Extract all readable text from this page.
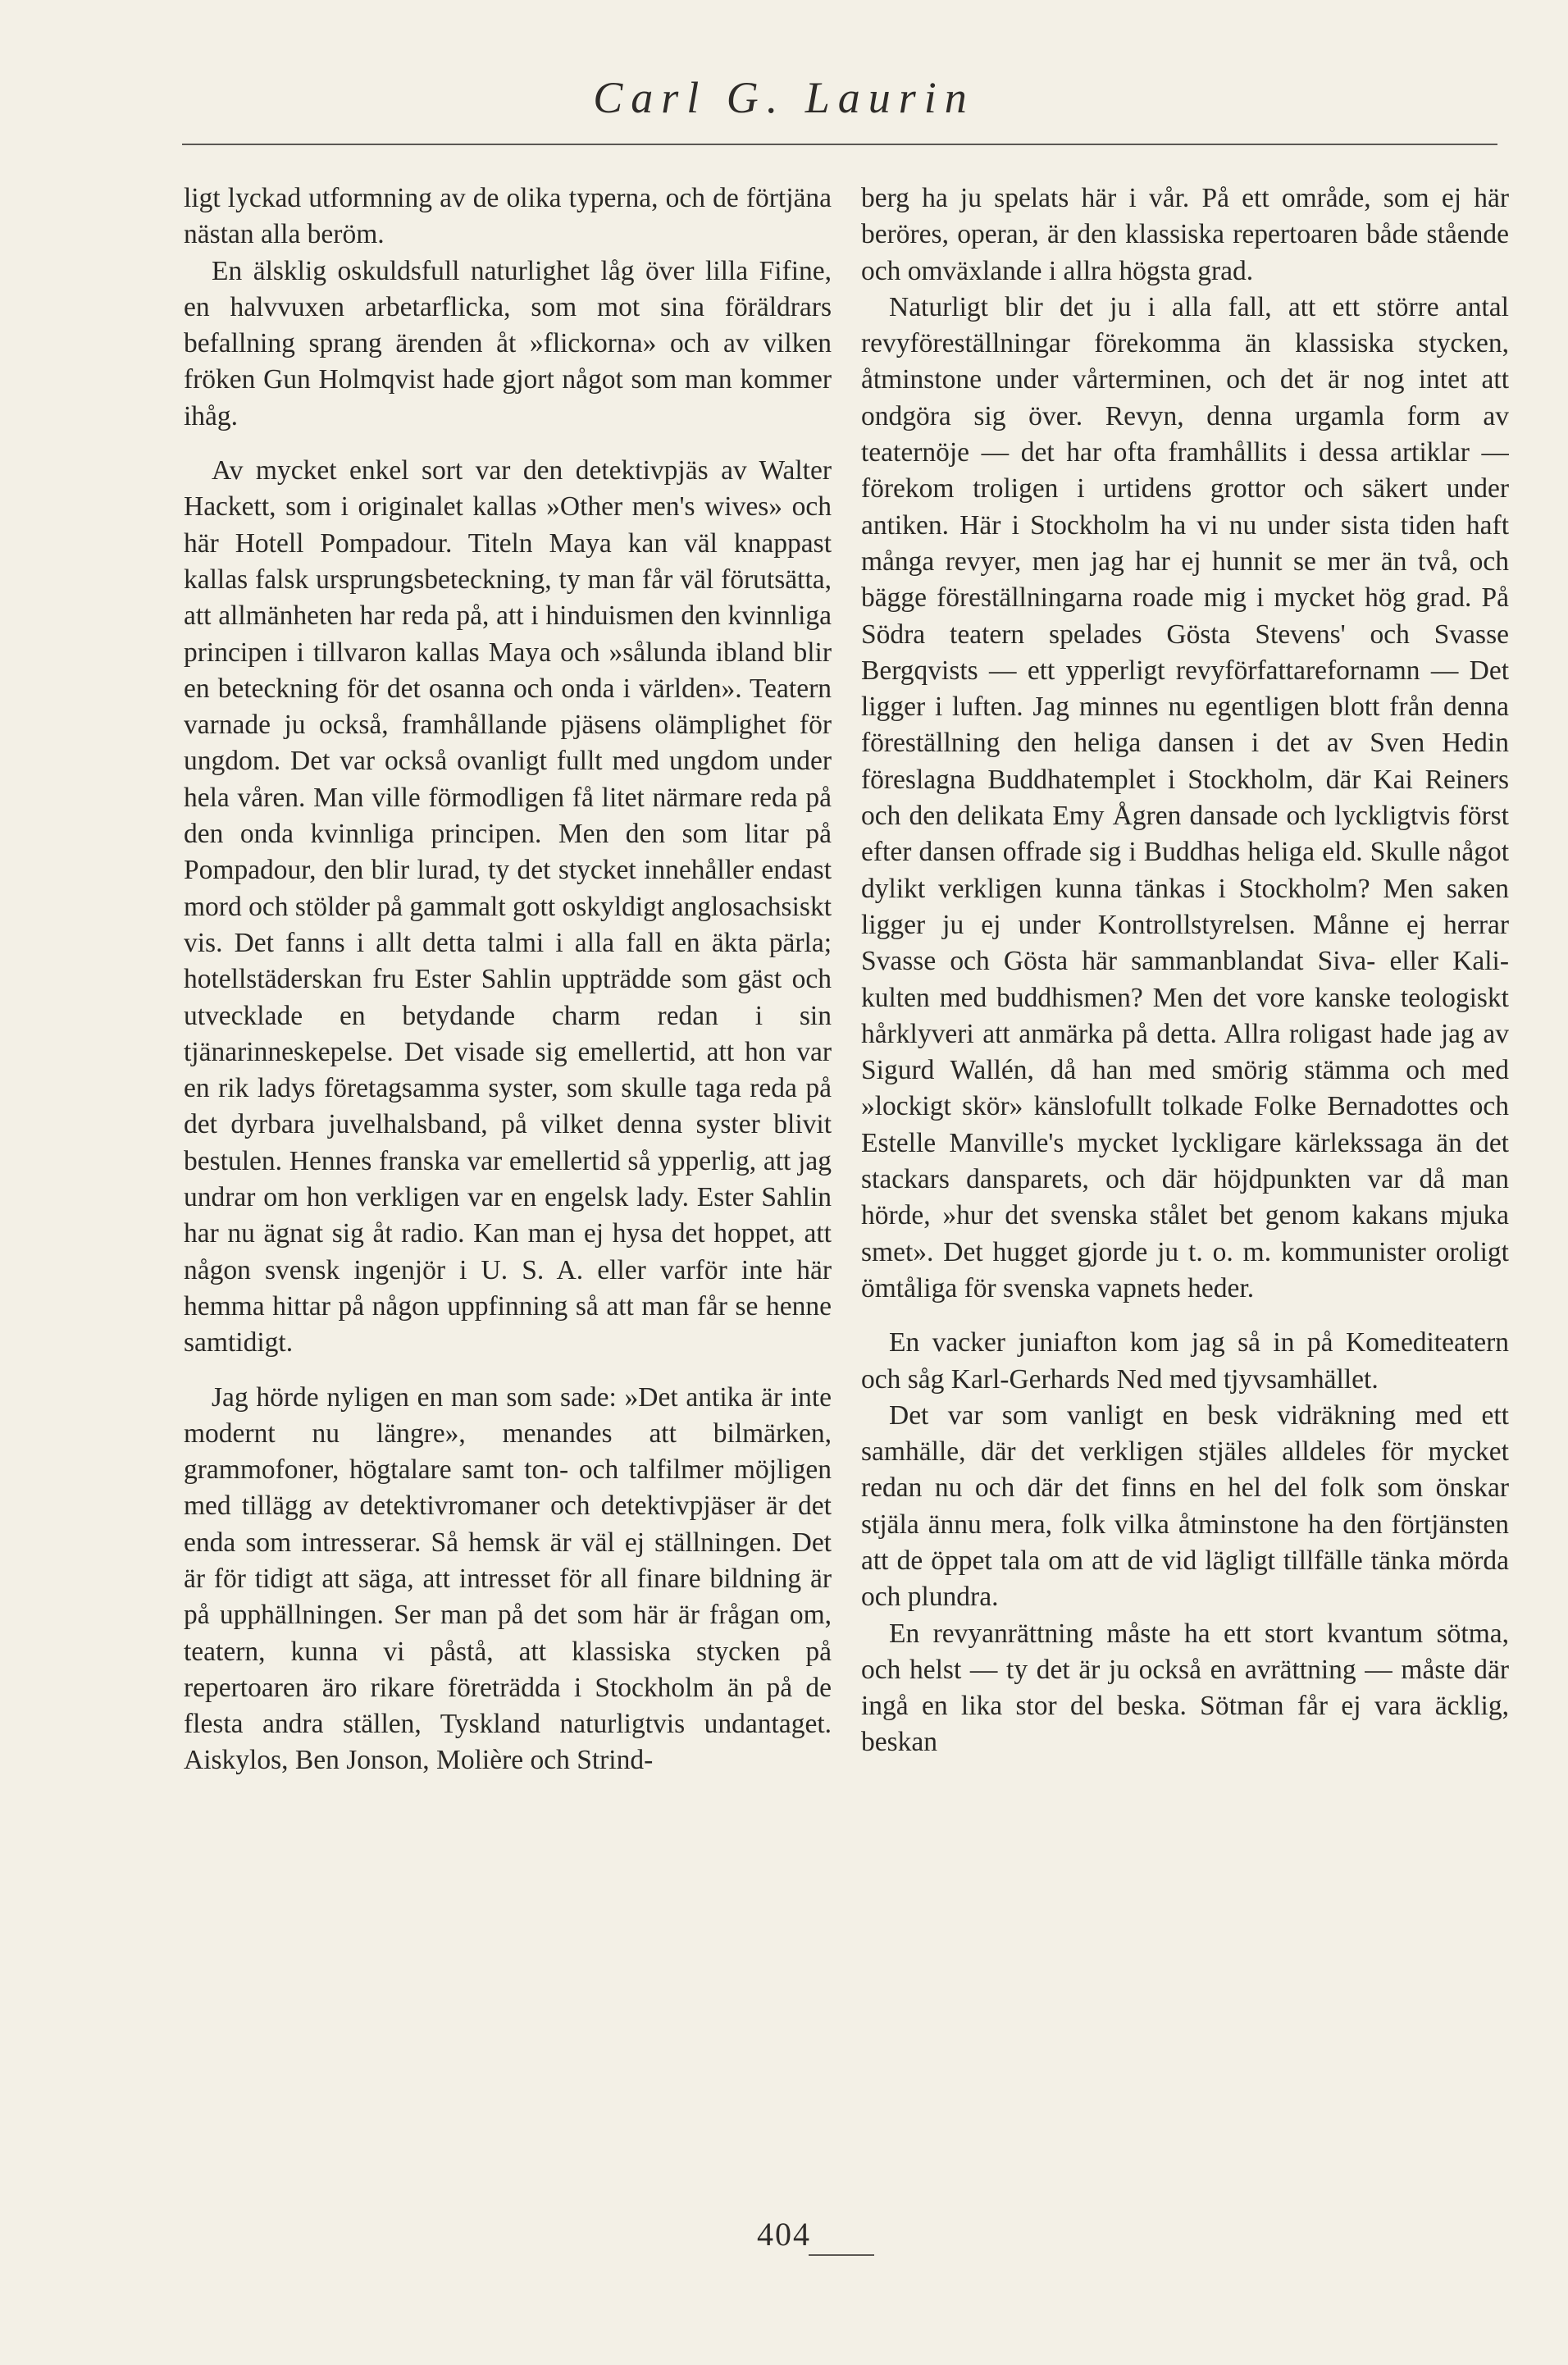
Carl G. Laurin

ligt lyckad utformning av de olika typerna, och de förtjäna nästan alla beröm.

En älsklig oskuldsfull naturlighet låg över lilla Fifine, en halvvuxen arbetarflicka, som mot sina föräldrars befallning sprang ärenden åt »flickorna» och av vilken fröken Gun Holmqvist hade gjort något som man kommer ihåg.

Av mycket enkel sort var den detektivpjäs av Walter Hackett, som i originalet kallas »Other men's wives» och här Hotell Pompadour. Titeln Maya kan väl knappast kallas falsk ursprungsbeteckning, ty man får väl förutsätta, att allmänheten har reda på, att i hinduismen den kvinnliga principen i tillvaron kallas Maya och »sålunda ibland blir en beteckning för det osanna och onda i världen». Teatern varnade ju också, framhållande pjäsens olämplighet för ungdom. Det var också ovanligt fullt med ungdom under hela våren. Man ville förmodligen få litet närmare reda på den onda kvinnliga principen. Men den som litar på Pompadour, den blir lurad, ty det stycket innehåller endast mord och stölder på gammalt gott oskyldigt anglosachsiskt vis. Det fanns i allt detta talmi i alla fall en äkta pärla; hotellstäderskan fru Ester Sahlin uppträdde som gäst och utvecklade en betydande charm redan i sin tjänarinneskepelse. Det visade sig emellertid, att hon var en rik ladys företagsamma syster, som skulle taga reda på det dyrbara juvelhalsband, på vilket denna syster blivit bestulen. Hennes franska var emellertid så ypperlig, att jag undrar om hon verkligen var en engelsk lady. Ester Sahlin har nu ägnat sig åt radio. Kan man ej hysa det hoppet, att någon svensk ingenjör i U. S. A. eller varför inte här hemma hittar på någon uppfinning så att man får se henne samtidigt.

Jag hörde nyligen en man som sade: »Det antika är inte modernt nu längre», menandes att bilmärken, grammofoner, högtalare samt ton- och talfilmer möjligen med tillägg av detektivromaner och detektivpjäser är det enda som intresserar. Så hemsk är väl ej ställningen. Det är för tidigt att säga, att intresset för all finare bildning är på upphällningen. Ser man på det som här är frågan om, teatern, kunna vi påstå, att klassiska stycken på repertoaren äro rikare företrädda i Stockholm än på de flesta andra ställen, Tyskland naturligtvis undantaget. Aiskylos, Ben Jonson, Molière och Strind-

berg ha ju spelats här i vår. På ett område, som ej här beröres, operan, är den klassiska repertoaren både stående och omväxlande i allra högsta grad.

Naturligt blir det ju i alla fall, att ett större antal revyföreställningar förekomma än klassiska stycken, åtminstone under vårterminen, och det är nog intet att ondgöra sig över. Revyn, denna urgamla form av teaternöje — det har ofta framhållits i dessa artiklar — förekom troligen i urtidens grottor och säkert under antiken. Här i Stockholm ha vi nu under sista tiden haft många revyer, men jag har ej hunnit se mer än två, och bägge föreställningarna roade mig i mycket hög grad. På Södra teatern spelades Gösta Stevens' och Svasse Bergqvists — ett ypperligt revyförfattarefornamn — Det ligger i luften. Jag minnes nu egentligen blott från denna föreställning den heliga dansen i det av Sven Hedin föreslagna Buddhatemplet i Stockholm, där Kai Reiners och den delikata Emy Ågren dansade och lyckligtvis först efter dansen offrade sig i Buddhas heliga eld. Skulle något dylikt verkligen kunna tänkas i Stockholm? Men saken ligger ju ej under Kontrollstyrelsen. Månne ej herrar Svasse och Gösta här sammanblandat Siva- eller Kali-kulten med buddhismen? Men det vore kanske teologiskt hårklyveri att anmärka på detta. Allra roligast hade jag av Sigurd Wallén, då han med smörig stämma och med »lockigt skör» känslofullt tolkade Folke Bernadottes och Estelle Manville's mycket lyckligare kärlekssaga än det stackars dansparets, och där höjdpunkten var då man hörde, »hur det svenska stålet bet genom kakans mjuka smet». Det hugget gjorde ju t. o. m. kommunister oroligt ömtåliga för svenska vapnets heder.

En vacker juniafton kom jag så in på Komediteatern och såg Karl-Gerhards Ned med tjyvsamhället.

Det var som vanligt en besk vidräkning med ett samhälle, där det verkligen stjäles alldeles för mycket redan nu och där det finns en hel del folk som önskar stjäla ännu mera, folk vilka åtminstone ha den förtjänsten att de öppet tala om att de vid lägligt tillfälle tänka mörda och plundra.

En revyanrättning måste ha ett stort kvantum sötma, och helst — ty det är ju också en avrättning — måste där ingå en lika stor del beska. Sötman får ej vara äcklig, beskan

404
